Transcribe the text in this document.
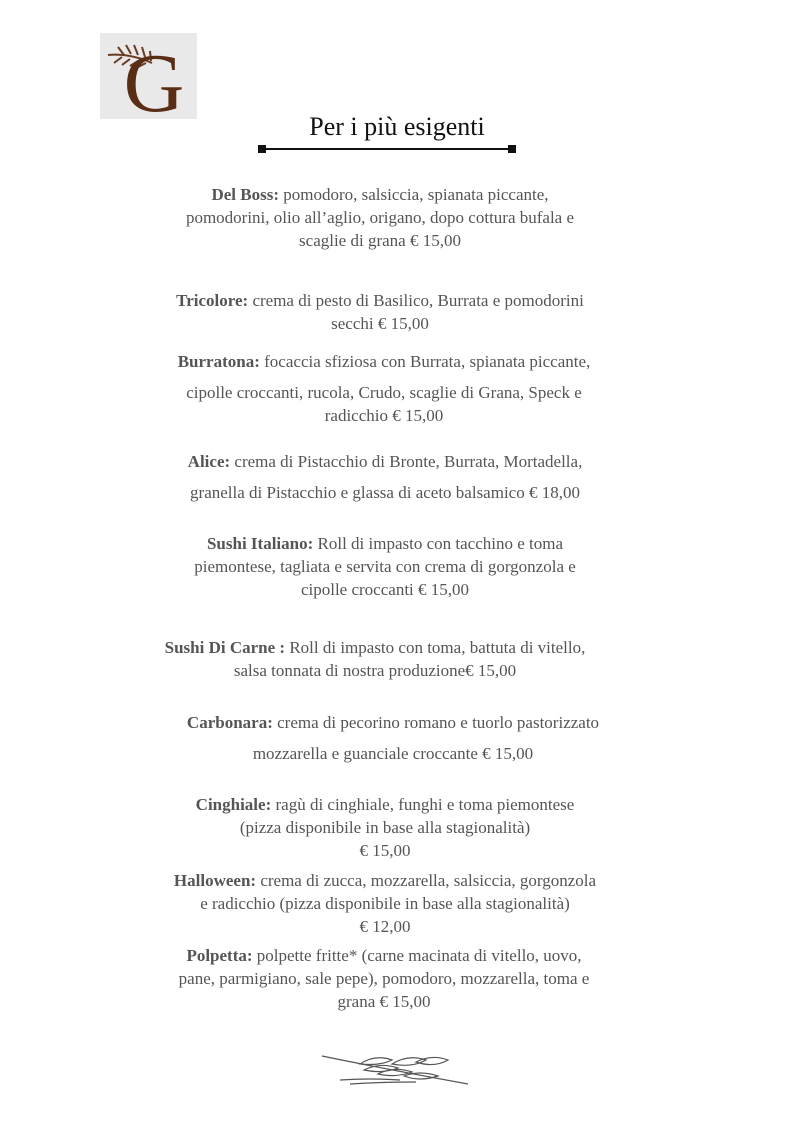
G	Per i più esigenti
Del Boss: pomodoro, salsiccia, spianata piccante,
pomodorini, olio all’aglio, origano, dopo cottura bufala e
scaglie di grana € 15,00
Tricolore: crema di pesto di Basilico, Burrata e pomodorini
secchi € 15,00
Burratona: focaccia sfiziosa con Burrata, spianata piccante,

cipolle croccanti, rucola, Crudo, scaglie di Grana, Speck e
radicchio € 15,00
Alice: crema di Pistacchio di Bronte, Burrata, Mortadella,

granella di Pistacchio e glassa di aceto balsamico € 18,00
Sushi Italiano: Roll di impasto con tacchino e toma
piemontese, tagliata e servita con crema di gorgonzola e
cipolle croccanti € 15,00
Sushi Di Carne : Roll di impasto con toma, battuta di vitello,
salsa tonnata di nostra produzione€ 15,00
Carbonara: crema di pecorino romano e tuorlo pastorizzato

mozzarella e guanciale croccante € 15,00
Cinghiale: ragù di cinghiale, funghi e toma piemontese
(pizza disponibile in base alla stagionalità)
€ 15,00
Halloween: crema di zucca, mozzarella, salsiccia, gorgonzola
e radicchio (pizza disponibile in base alla stagionalità)
€ 12,00
Polpetta: polpette fritte* (carne macinata di vitello, uovo,
pane, parmigiano, sale pepe), pomodoro, mozzarella, toma e
grana € 15,00
